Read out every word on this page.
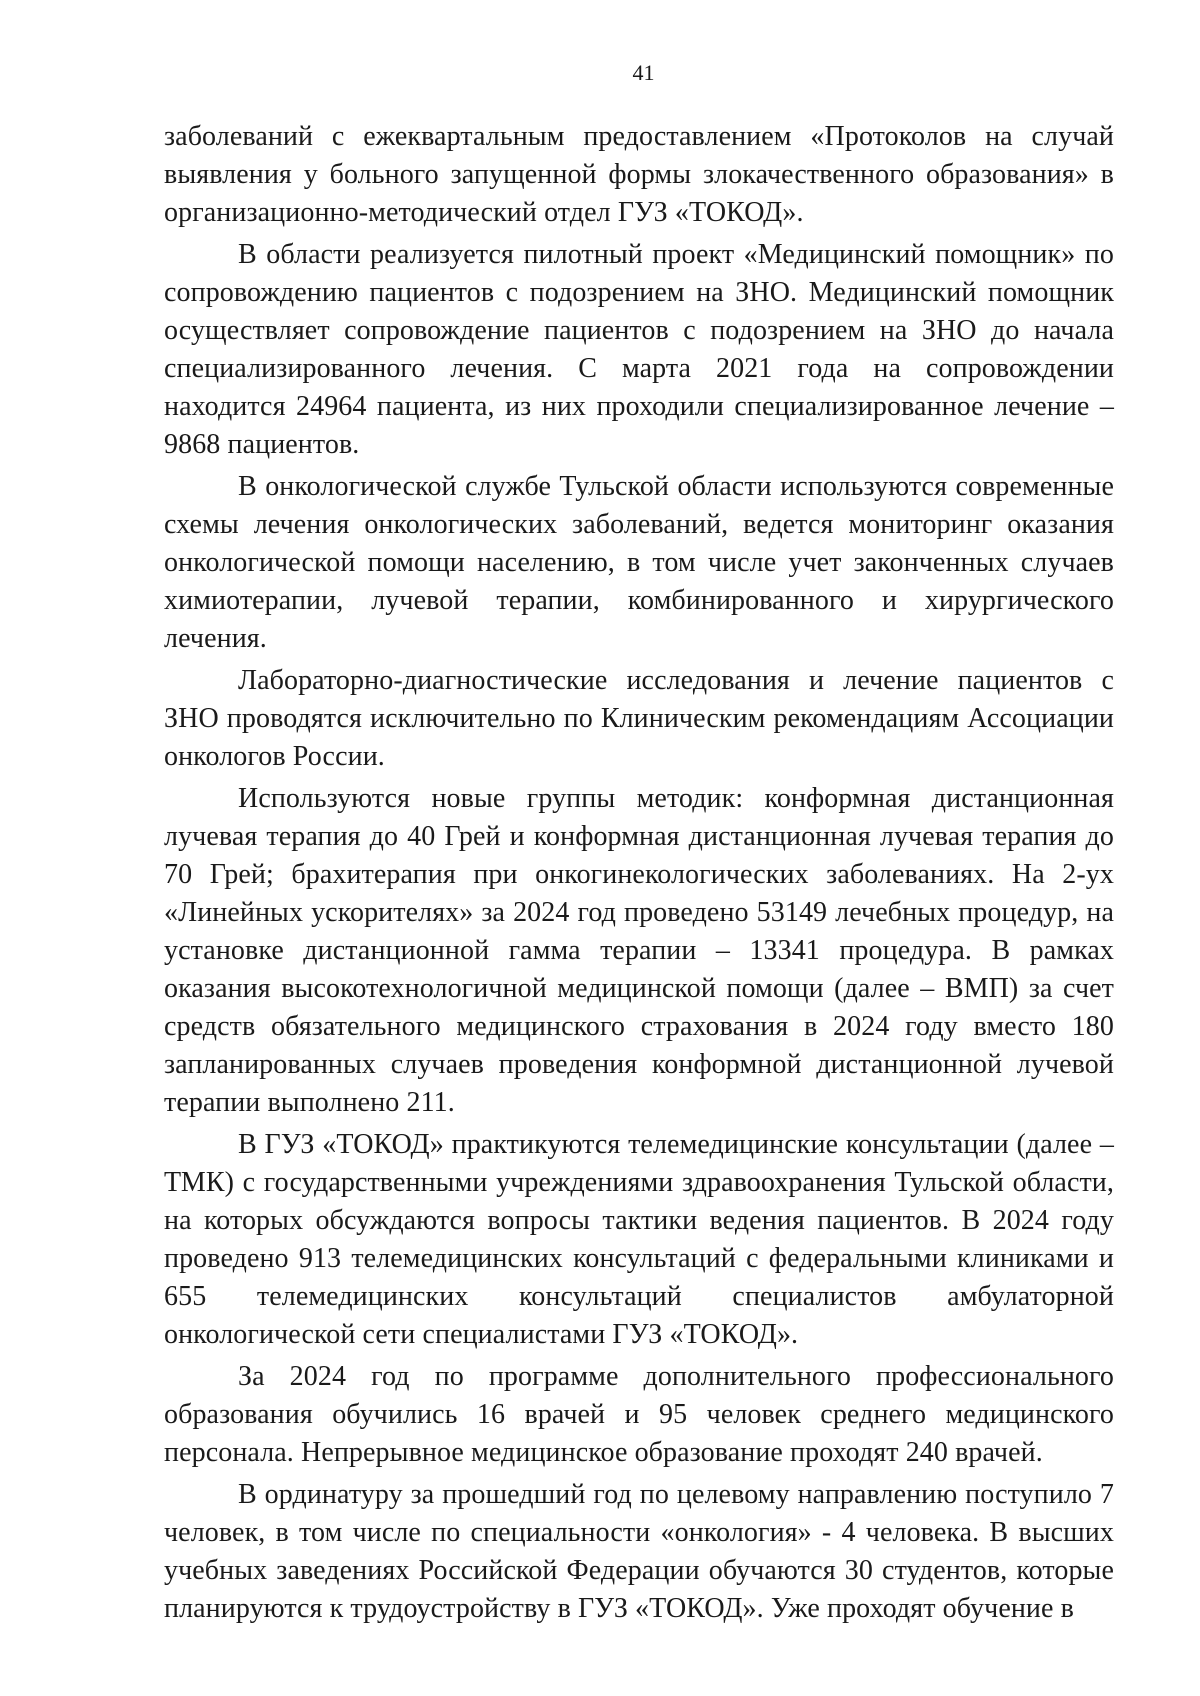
41

заболеваний с ежеквартальным предоставлением «Протоколов на случай выявления у больного запущенной формы злокачественного образования» в организационно-методический отдел ГУЗ «ТОКОД».

В области реализуется пилотный проект «Медицинский помощник» по сопровождению пациентов с подозрением на ЗНО. Медицинский помощник осуществляет сопровождение пациентов с подозрением на ЗНО до начала специализированного лечения. С марта 2021 года на сопровождении находится 24964 пациента, из них проходили специализированное лечение – 9868 пациентов.

В онкологической службе Тульской области используются современные схемы лечения онкологических заболеваний, ведется мониторинг оказания онкологической помощи населению, в том числе учет законченных случаев химиотерапии, лучевой терапии, комбинированного и хирургического лечения.

Лабораторно-диагностические исследования и лечение пациентов с ЗНО проводятся исключительно по Клиническим рекомендациям Ассоциации онкологов России.

Используются новые группы методик: конформная дистанционная лучевая терапия до 40 Грей и конформная дистанционная лучевая терапия до 70 Грей; брахитерапия при онкогинекологических заболеваниях. На 2-ух «Линейных ускорителях» за 2024 год проведено 53149 лечебных процедур, на установке дистанционной гамма терапии – 13341 процедура. В рамках оказания высокотехнологичной медицинской помощи (далее – ВМП) за счет средств обязательного медицинского страхования в 2024 году вместо 180 запланированных случаев проведения конформной дистанционной лучевой терапии выполнено 211.

В ГУЗ «ТОКОД» практикуются телемедицинские консультации (далее – ТМК) с государственными учреждениями здравоохранения Тульской области, на которых обсуждаются вопросы тактики ведения пациентов. В 2024 году проведено 913 телемедицинских консультаций с федеральными клиниками и 655 телемедицинских консультаций специалистов амбулаторной онкологической сети специалистами ГУЗ «ТОКОД».

За 2024 год по программе дополнительного профессионального образования обучились 16 врачей и 95 человек среднего медицинского персонала. Непрерывное медицинское образование проходят 240 врачей.

В ординатуру за прошедший год по целевому направлению поступило 7 человек, в том числе по специальности «онкология» - 4 человека. В высших учебных заведениях Российской Федерации обучаются 30 студентов, которые планируются к трудоустройству в ГУЗ «ТОКОД». Уже проходят обучение в
